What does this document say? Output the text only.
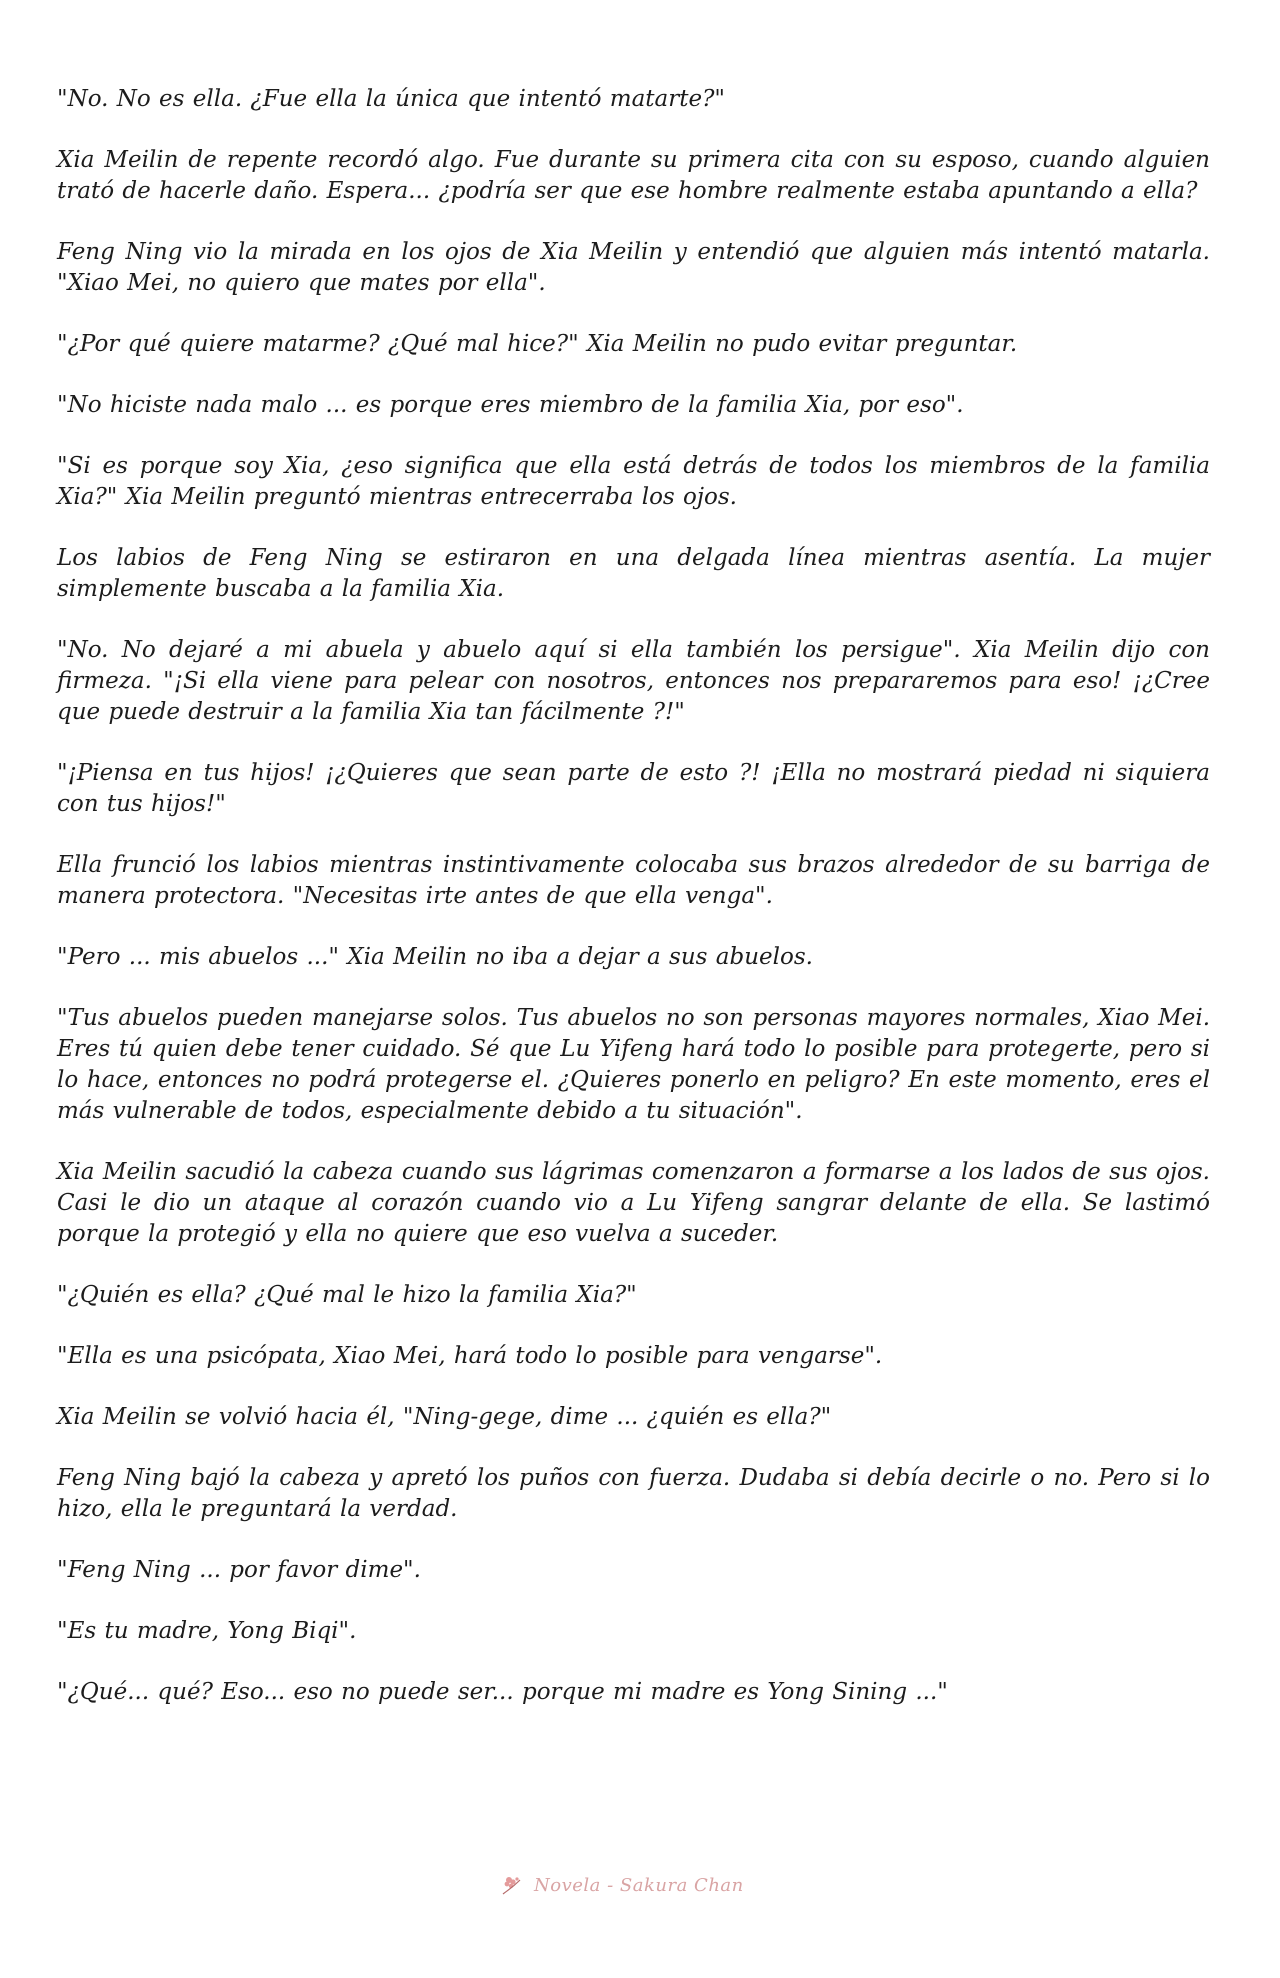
"No. No es ella. ¿Fue ella la única que intentó matarte?"

Xia Meilin de repente recordó algo. Fue durante su primera cita con su esposo, cuando alguien trató de hacerle daño. Espera... ¿podría ser que ese hombre realmente estaba apuntando a ella?

Feng Ning vio la mirada en los ojos de Xia Meilin y entendió que alguien más intentó matarla. "Xiao Mei, no quiero que mates por ella".

"¿Por qué quiere matarme? ¿Qué mal hice?" Xia Meilin no pudo evitar preguntar.

"No hiciste nada malo ... es porque eres miembro de la familia Xia, por eso".

"Si es porque soy Xia, ¿eso significa que ella está detrás de todos los miembros de la familia Xia?" Xia Meilin preguntó mientras entrecerraba los ojos.

Los labios de Feng Ning se estiraron en una delgada línea mientras asentía. La mujer simplemente buscaba a la familia Xia.

"No. No dejaré a mi abuela y abuelo aquí si ella también los persigue". Xia Meilin dijo con firmeza. "¡Si ella viene para pelear con nosotros, entonces nos prepararemos para eso! ¡¿Cree que puede destruir a la familia Xia tan fácilmente ?!"

"¡Piensa en tus hijos! ¡¿Quieres que sean parte de esto ?! ¡Ella no mostrará piedad ni siquiera con tus hijos!"

Ella frunció los labios mientras instintivamente colocaba sus brazos alrededor de su barriga de manera protectora. "Necesitas irte antes de que ella venga".

"Pero ... mis abuelos ..." Xia Meilin no iba a dejar a sus abuelos.

"Tus abuelos pueden manejarse solos. Tus abuelos no son personas mayores normales, Xiao Mei. Eres tú quien debe tener cuidado. Sé que Lu Yifeng hará todo lo posible para protegerte, pero si lo hace, entonces no podrá protegerse el. ¿Quieres ponerlo en peligro? En este momento, eres el más vulnerable de todos, especialmente debido a tu situación".

Xia Meilin sacudió la cabeza cuando sus lágrimas comenzaron a formarse a los lados de sus ojos. Casi le dio un ataque al corazón cuando vio a Lu Yifeng sangrar delante de ella. Se lastimó porque la protegió y ella no quiere que eso vuelva a suceder.

"¿Quién es ella? ¿Qué mal le hizo la familia Xia?"

"Ella es una psicópata, Xiao Mei, hará todo lo posible para vengarse".

Xia Meilin se volvió hacia él, "Ning-gege, dime ... ¿quién es ella?"

Feng Ning bajó la cabeza y apretó los puños con fuerza. Dudaba si debía decirle o no. Pero si lo hizo, ella le preguntará la verdad.

"Feng Ning ... por favor dime".

"Es tu madre, Yong Biqi".

"¿Qué... qué? Eso... eso no puede ser... porque mi madre es Yong Sining ..."

Novela - Sakura Chan
